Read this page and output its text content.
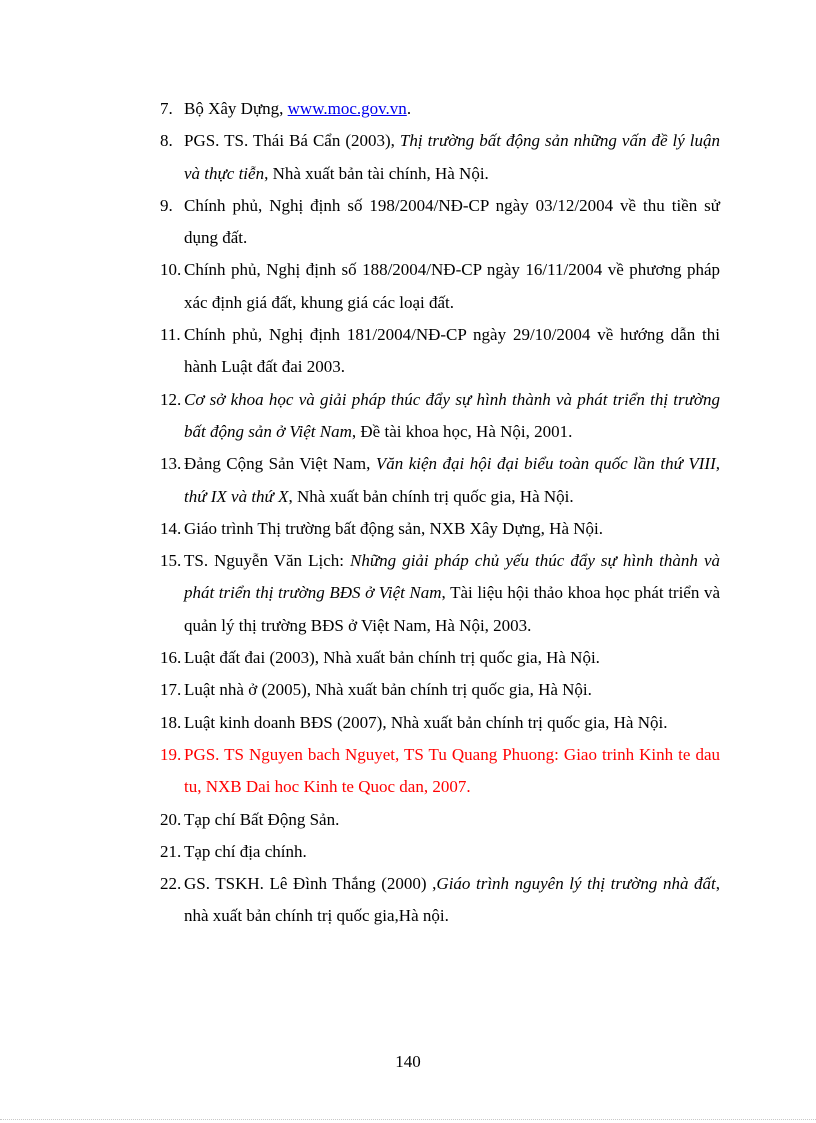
7. Bộ Xây Dựng, www.moc.gov.vn.
8. PGS. TS. Thái Bá Cẩn (2003), Thị trường bất động sản những vấn đề lý luận và thực tiễn, Nhà xuất bản tài chính, Hà Nội.
9. Chính phủ, Nghị định số 198/2004/NĐ-CP ngày 03/12/2004 về thu tiền sử dụng đất.
10. Chính phủ, Nghị định số 188/2004/NĐ-CP ngày 16/11/2004 về phương pháp xác định giá đất, khung giá các loại đất.
11. Chính phủ, Nghị định 181/2004/NĐ-CP ngày 29/10/2004 về hướng dẫn thi hành Luật đất đai 2003.
12. Cơ sở khoa học và giải pháp thúc đẩy sự hình thành và phát triển thị trường bất động sản ở Việt Nam, Đề tài khoa học, Hà Nội, 2001.
13. Đảng Cộng Sản Việt Nam, Văn kiện đại hội đại biểu toàn quốc lần thứ VIII, thứ IX và thứ X, Nhà xuất bản chính trị quốc gia, Hà Nội.
14. Giáo trình Thị trường bất động sản, NXB Xây Dựng, Hà Nội.
15. TS. Nguyễn Văn Lịch: Những giải pháp chủ yếu thúc đẩy sự hình thành và phát triển thị trường BĐS ở Việt Nam, Tài liệu hội thảo khoa học phát triển và quản lý thị trường BĐS ở Việt Nam, Hà Nội, 2003.
16. Luật đất đai (2003), Nhà xuất bản chính trị quốc gia, Hà Nội.
17. Luật nhà ở (2005), Nhà xuất bản chính trị quốc gia, Hà Nội.
18. Luật kinh doanh BĐS (2007), Nhà xuất bản chính trị quốc gia, Hà Nội.
19. PGS. TS Nguyen bach Nguyet, TS Tu Quang Phuong: Giao trinh Kinh te dau tu, NXB Dai hoc Kinh te Quoc dan, 2007.
20. Tạp chí Bất Động Sản.
21. Tạp chí địa chính.
22. GS. TSKH. Lê Đình Thắng (2000) ,Giáo trình nguyên lý thị trường nhà đất, nhà xuất bản chính trị quốc gia,Hà nội.
140
